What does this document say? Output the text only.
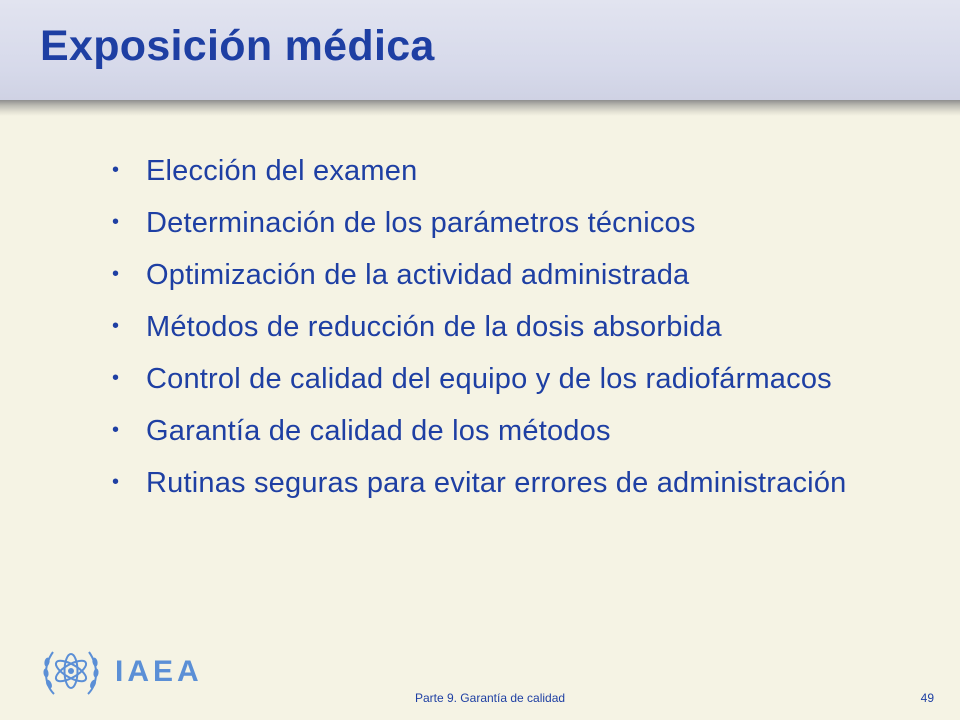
Exposición médica
• Elección del examen
• Determinación de los parámetros técnicos
• Optimización de la actividad administrada
• Métodos de reducción de la dosis absorbida
• Control de calidad del equipo y de los radiofármacos
• Garantía de calidad de los métodos
• Rutinas seguras para evitar errores de administración
IAEA
Parte 9. Garantía de calidad	49
